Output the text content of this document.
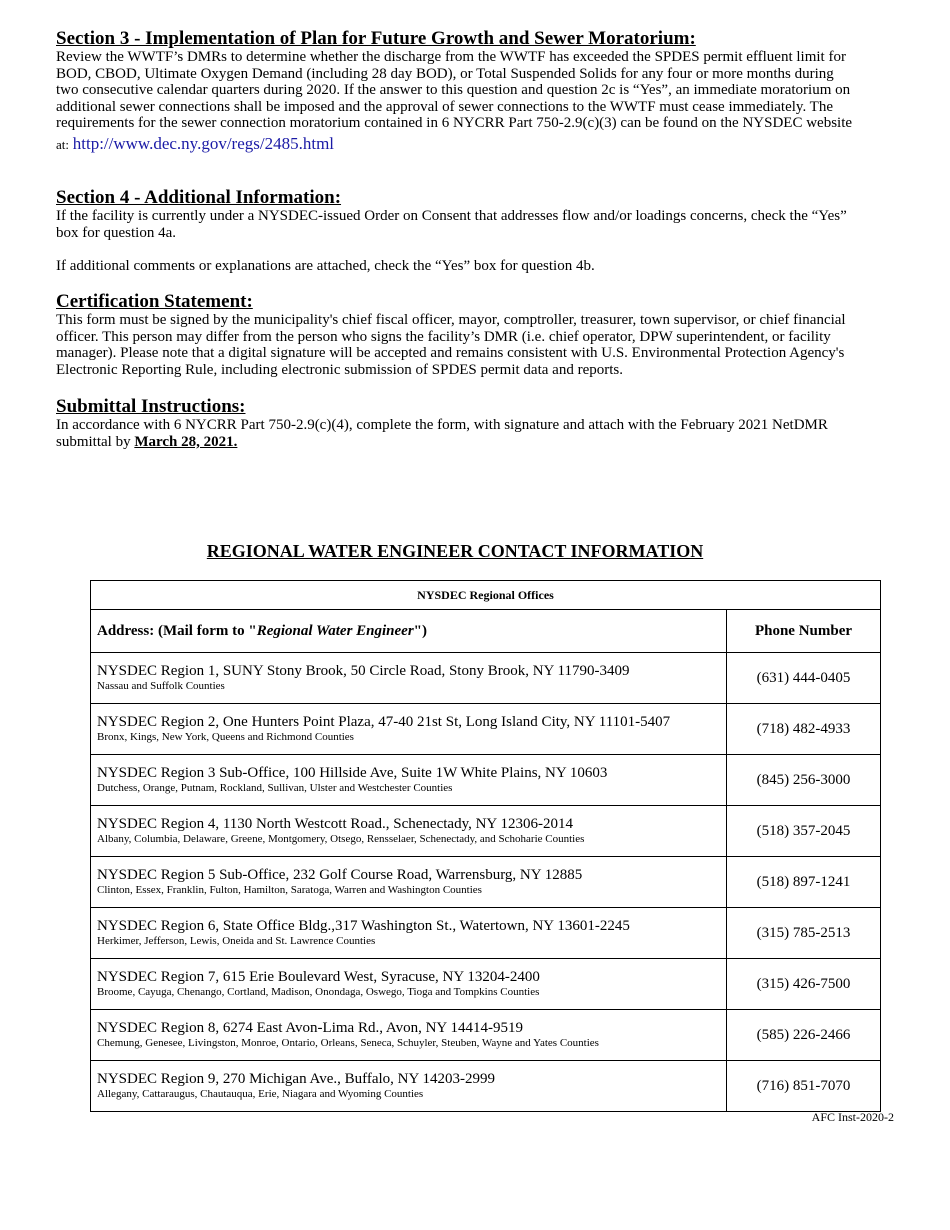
Section 3 - Implementation of Plan for Future Growth and Sewer Moratorium:

Review the WWTF’s DMRs to determine whether the discharge from the WWTF has exceeded the SPDES permit effluent limit for BOD, CBOD, Ultimate Oxygen Demand (including 28 day BOD), or Total Suspended Solids for any four or more months during two consecutive calendar quarters during 2020. If the answer to this question and question 2c is “Yes”, an immediate moratorium on additional sewer connections shall be imposed and the approval of sewer connections to the WWTF must cease immediately. The requirements for the sewer connection moratorium contained in 6 NYCRR Part 750-2.9(c)(3) can be found on the NYSDEC website

at: http://www.dec.ny.gov/regs/2485.html
Section 4 - Additional Information:

If the facility is currently under a NYSDEC-issued Order on Consent that addresses flow and/or loadings concerns, check the “Yes” box for question 4a.

If additional comments or explanations are attached, check the “Yes” box for question 4b.

Certification Statement:

This form must be signed by the municipality's chief fiscal officer, mayor, comptroller, treasurer, town supervisor, or chief financial officer. This person may differ from the person who signs the facility’s DMR (i.e. chief operator, DPW superintendent, or facility manager). Please note that a digital signature will be accepted and remains consistent with U.S. Environmental Protection Agency's Electronic Reporting Rule, including electronic submission of SPDES permit data and reports.

Submittal Instructions:

In accordance with 6 NYCRR Part 750-2.9(c)(4), complete the form, with signature and attach with the February 2021 NetDMR submittal by March 28, 2021.

REGIONAL WATER ENGINEER CONTACT INFORMATION
NYSDEC Regional Offices	
Address: (Mail form to "Regional Water Engineer")	Phone Number

NYSDEC Region 1, SUNY Stony Brook, 50 Circle Road, Stony Brook, NY 11790-3409
Nassau and Suffolk Counties	(631) 444-0405

NYSDEC Region 2, One Hunters Point Plaza, 47-40 21st St, Long Island City, NY 11101-5407
Bronx, Kings, New York, Queens and Richmond Counties	(718) 482-4933

NYSDEC Region 3 Sub-Office, 100 Hillside Ave, Suite 1W White Plains, NY 10603
Dutchess, Orange, Putnam, Rockland, Sullivan, Ulster and Westchester Counties	(845) 256-3000

NYSDEC Region 4, 1130 North Westcott Road., Schenectady, NY 12306-2014
Albany, Columbia, Delaware, Greene, Montgomery, Otsego, Rensselaer, Schenectady, and Schoharie Counties	(518) 357-2045

NYSDEC Region 5 Sub-Office, 232 Golf Course Road, Warrensburg, NY 12885
Clinton, Essex, Franklin, Fulton, Hamilton, Saratoga, Warren and Washington Counties	(518) 897-1241

NYSDEC Region 6, State Office Bldg.,317 Washington St., Watertown, NY 13601-2245
Herkimer, Jefferson, Lewis, Oneida and St. Lawrence Counties	(315) 785-2513

NYSDEC Region 7, 615 Erie Boulevard West, Syracuse, NY 13204-2400
Broome, Cayuga, Chenango, Cortland, Madison, Onondaga, Oswego, Tioga and Tompkins Counties	(315) 426-7500

NYSDEC Region 8, 6274 East Avon-Lima Rd., Avon, NY 14414-9519
Chemung, Genesee, Livingston, Monroe, Ontario, Orleans, Seneca, Schuyler, Steuben, Wayne and Yates Counties	(585) 226-2466

NYSDEC Region 9, 270 Michigan Ave., Buffalo, NY 14203-2999
Allegany, Cattaraugus, Chautauqua, Erie, Niagara and Wyoming Counties	(716) 851-7070
AFC Inst-2020-2
